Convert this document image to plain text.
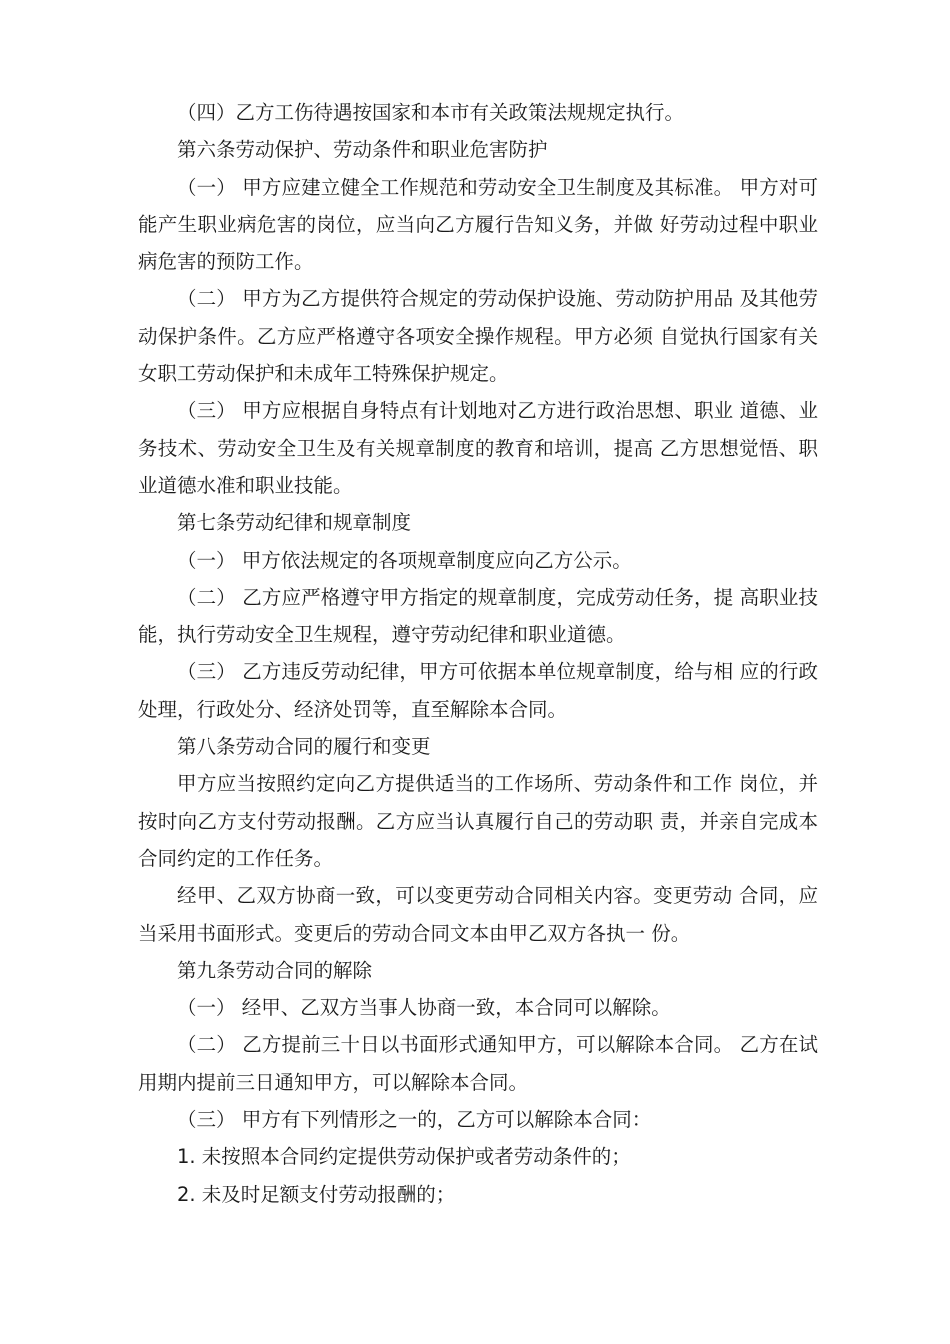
（四）乙方工伤待遇按国家和本市有关政策法规规定执行。

第六条劳动保护、劳动条件和职业危害防护

（一） 甲方应建立健全工作规范和劳动安全卫生制度及其标准。 甲方对可能产生职业病危害的岗位，应当向乙方履行告知义务，并做 好劳动过程中职业病危害的预防工作。

（二） 甲方为乙方提供符合规定的劳动保护设施、劳动防护用品 及其他劳动保护条件。乙方应严格遵守各项安全操作规程。甲方必须 自觉执行国家有关女职工劳动保护和未成年工特殊保护规定。

（三） 甲方应根据自身特点有计划地对乙方进行政治思想、职业 道德、业务技术、劳动安全卫生及有关规章制度的教育和培训，提高 乙方思想觉悟、职业道德水准和职业技能。

第七条劳动纪律和规章制度

（一） 甲方依法规定的各项规章制度应向乙方公示。

（二） 乙方应严格遵守甲方指定的规章制度，完成劳动任务，提 高职业技能，执行劳动安全卫生规程，遵守劳动纪律和职业道德。

（三） 乙方违反劳动纪律，甲方可依据本单位规章制度，给与相 应的行政处理，行政处分、经济处罚等，直至解除本合同。

第八条劳动合同的履行和变更

甲方应当按照约定向乙方提供适当的工作场所、劳动条件和工作 岗位，并按时向乙方支付劳动报酬。乙方应当认真履行自己的劳动职 责，并亲自完成本合同约定的工作任务。

经甲、乙双方协商一致，可以变更劳动合同相关内容。变更劳动 合同，应当采用书面形式。变更后的劳动合同文本由甲乙双方各执一 份。

第九条劳动合同的解除

（一） 经甲、乙双方当事人协商一致，本合同可以解除。

（二） 乙方提前三十日以书面形式通知甲方，可以解除本合同。 乙方在试用期内提前三日通知甲方，可以解除本合同。

（三） 甲方有下列情形之一的，乙方可以解除本合同：

1. 未按照本合同约定提供劳动保护或者劳动条件的；

2. 未及时足额支付劳动报酬的；
